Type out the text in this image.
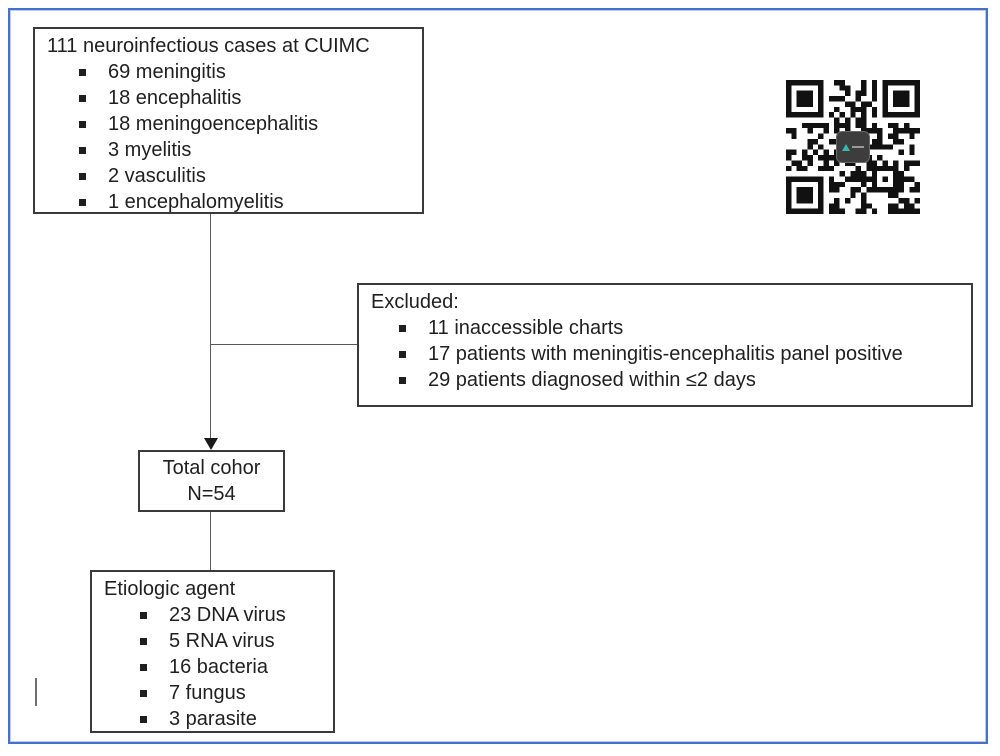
111 neuroinfectious cases at CUIMC
69 meningitis
18 encephalitis
18 meningoencephalitis
3 myelitis
2 vasculitis
1 encephalomyelitis
Excluded:
11 inaccessible charts
17 patients with meningitis-encephalitis panel positive
29 patients diagnosed within ≤2 days
Total cohor
N=54
Etiologic agent
23 DNA virus
5 RNA virus
16 bacteria
7 fungus
3 parasite
